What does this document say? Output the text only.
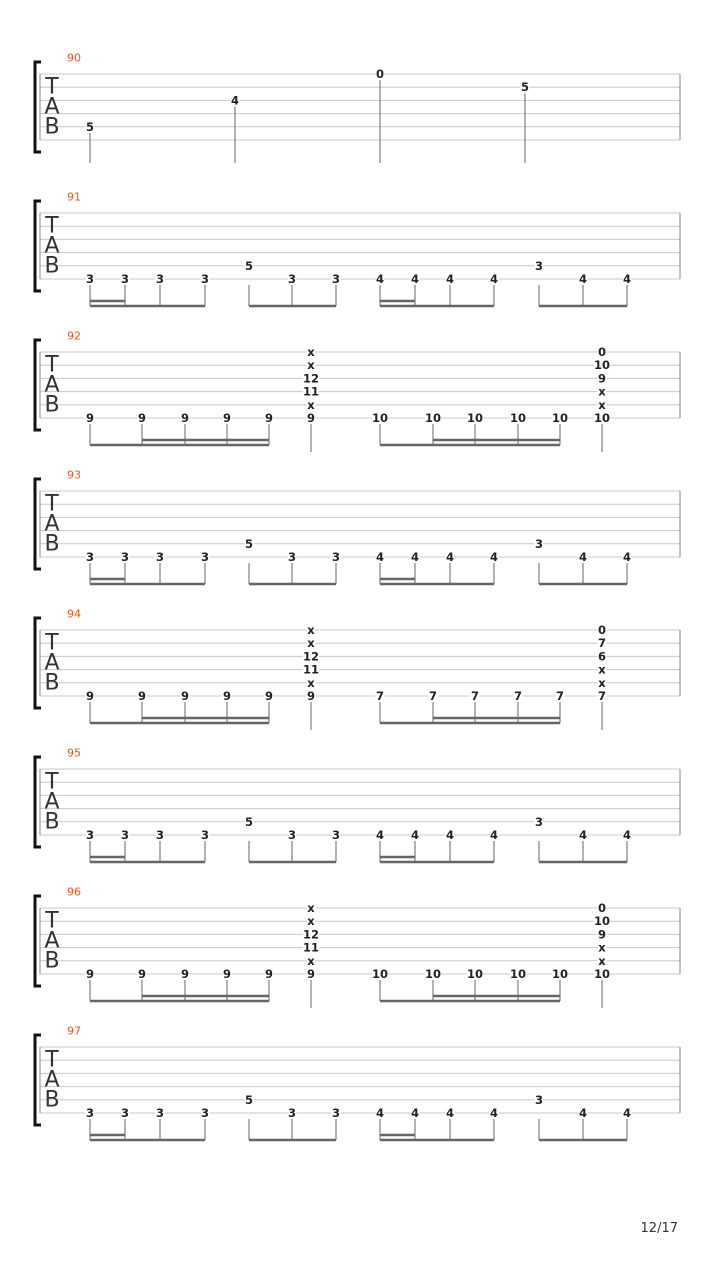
T
A
B
90
5
4
0
5
T
A
B
91
3 3 3	3
5
3	3	4 4 4	4
3
4	4
T
A
B
92
9	9	9	9	9
x
x
12
11
x
9	10	10 10 10 10
0
10
9
x
x
10
T
A
B
93
3 3 3	3
5
3	3	4 4 4	4
3
4	4
T
A
B
94
9	9	9	9	9
x
x
12
11
x
9	7	7	7	7	7
0
7
6
x
x
7
T
A
B
95
3 3 3	3
5
3	3	4 4 4	4
3
4	4
T
A
B
96
9	9	9	9	9
x
x
12
11
x
9	10	10 10 10 10
0
10
9
x
x
10
T
A
B
97
3 3 3	3
5
3	3	4 4 4	4
3
4	4
12/17
